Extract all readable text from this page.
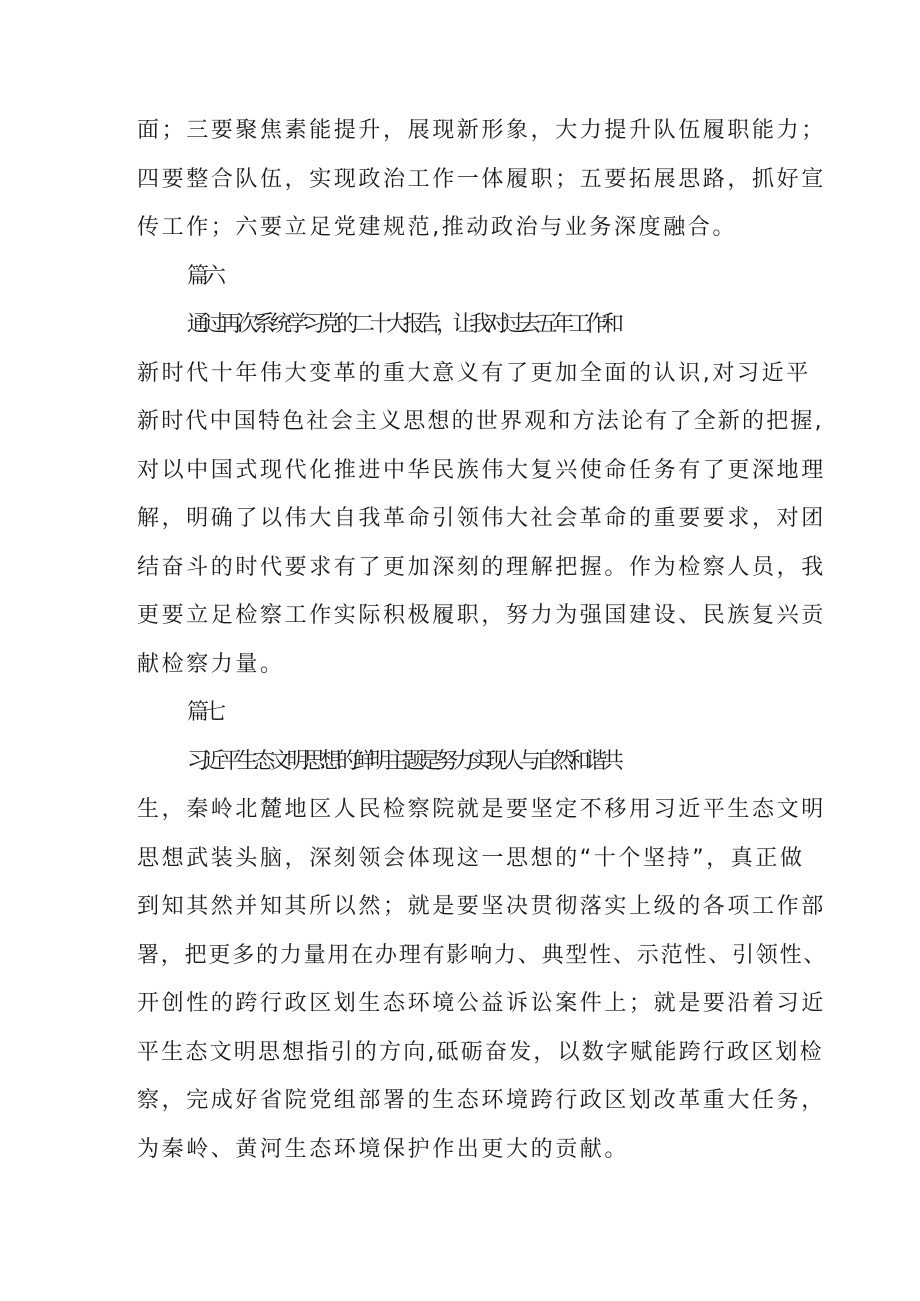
面；三要聚焦素能提升，展现新形象，大力提升队伍履职能力；
四要整合队伍，实现政治工作一体履职；五要拓展思路，抓好宣
传工作；六要立足党建规范,推动政治与业务深度融合。
篇六
通过再次系统学习党的二十大报告，让我对过去五年工作和
新时代十年伟大变革的重大意义有了更加全面的认识,对习近平
新时代中国特色社会主义思想的世界观和方法论有了全新的把握,
对以中国式现代化推进中华民族伟大复兴使命任务有了更深地理
解，明确了以伟大自我革命引领伟大社会革命的重要要求，对团
结奋斗的时代要求有了更加深刻的理解把握。作为检察人员，我
更要立足检察工作实际积极履职，努力为强国建设、民族复兴贡
献检察力量。
篇七
习近平生态文明思想的鲜明主题是努力实现人与自然和谐共
生，秦岭北麓地区人民检察院就是要坚定不移用习近平生态文明
思想武装头脑，深刻领会体现这一思想的“十个坚持”，真正做
到知其然并知其所以然；就是要坚决贯彻落实上级的各项工作部
署，把更多的力量用在办理有影响力、典型性、示范性、引领性、
开创性的跨行政区划生态环境公益诉讼案件上；就是要沿着习近
平生态文明思想指引的方向,砥砺奋发，以数字赋能跨行政区划检
察，完成好省院党组部署的生态环境跨行政区划改革重大任务，
为秦岭、黄河生态环境保护作出更大的贡献。
